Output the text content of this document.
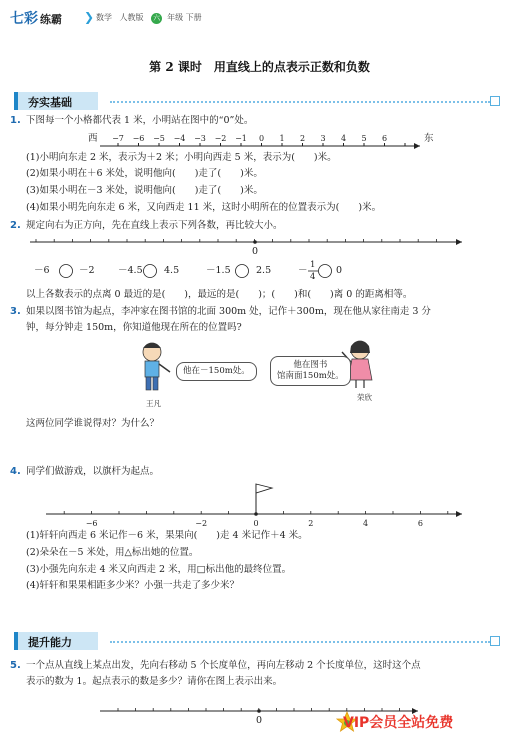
七彩 练霸 ❯ 数学 人教版 六 年级 下册
第 2 课时　用直线上的点表示正数和负数
夯实基础
1. 下图每一个小格都代表 1 米，小明站在图中的“0”处。
西	东
−7 −6 −5 −4 −3 −2 −1 0 1 2 3 4 5 6
−6	−2	0	2	4	6
(1)小明向东走 2 米，表示为＋2 米；小明向西走 5 米，表示为(　　)米。
(2)如果小明在＋6 米处，说明他向(　　)走了(　　)米。
(3)如果小明在－3 米处，说明他向(　　)走了(　　)米。
(4)如果小明先向东走 6 米，又向西走 11 米，这时小明所在的位置表示为(　　)米。
2. 规定向右为正方向，先在直线上表示下列各数，再比较大小。
0
－6	－2 －4.5 4.5	－1.5	2.5	－ 1
4
0
以上各数表示的点离 0 最近的是(　　)，最远的是(　　)；(　　)和(　　)离 0 的距离相等。
3. 如果以图书馆为起点，李冲家在图书馆的北面 300m 处，记作＋300m，现在他从家往南走 3 分
钟，每分钟走 150m，你知道他现在所在的位置吗?
他在－150m处。
他在图书
馆南面150m处。
王凡
荣欣
这两位同学谁说得对？为什么？
4. 同学们做游戏，以旗杆为起点。
(1)轩轩向西走 6 米记作－6 米，果果向(　　)走 4 米记作＋4 米。
(2)朵朵在－5 米处，用△标出她的位置。
(3)小强先向东走 4 米又向西走 2 米，用□标出他的最终位置。
(4)轩轩和果果相距多少米？小强一共走了多少米？
提升能力
5. 一个点从直线上某点出发，先向右移动 5 个长度单位，再向左移动 2 个长度单位，这时这个点
表示的数为 1。起点表示的数是多少？请你在图上表示出来。
0	VIP会员全站免费
